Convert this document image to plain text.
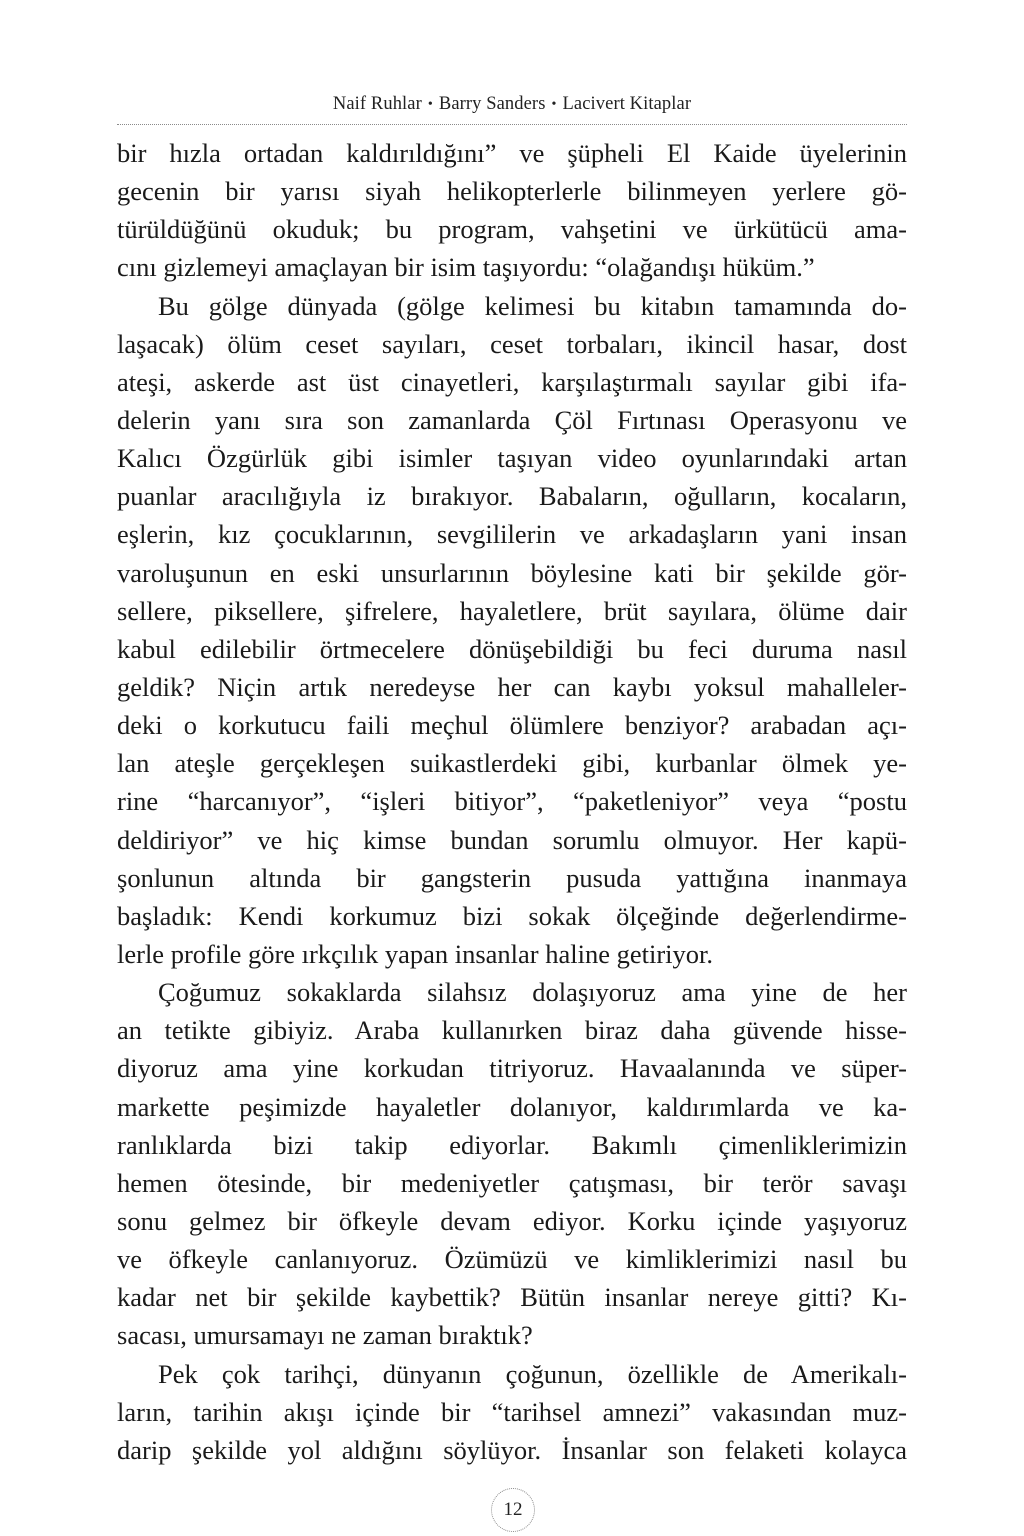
Naif Ruhlar • Barry Sanders • Lacivert Kitaplar
bir hızla ortadan kaldırıldığını” ve şüpheli El Kaide üyelerinin
gecenin bir yarısı siyah helikopterlerle bilinmeyen yerlere gö-
türüldüğünü okuduk; bu program, vahşetini ve ürkütücü ama-
cını gizlemeyi amaçlayan bir isim taşıyordu: “olağandışı hüküm.”
Bu gölge dünyada (gölge kelimesi bu kitabın tamamında do-
laşacak) ölüm ceset sayıları, ceset torbaları, ikincil hasar, dost
ateşi, askerde ast üst cinayetleri, karşılaştırmalı sayılar gibi ifa-
delerin yanı sıra son zamanlarda Çöl Fırtınası Operasyonu ve
Kalıcı Özgürlük gibi isimler taşıyan video oyunlarındaki artan
puanlar aracılığıyla iz bırakıyor. Babaların, oğulların, kocaların,
eşlerin, kız çocuklarının, sevgililerin ve arkadaşların yani insan
varoluşunun en eski unsurlarının böylesine kati bir şekilde gör-
sellere, piksellere, şifrelere, hayaletlere, brüt sayılara, ölüme dair
kabul edilebilir örtmecelere dönüşebildiği bu feci duruma nasıl
geldik? Niçin artık neredeyse her can kaybı yoksul mahalleler-
deki o korkutucu faili meçhul ölümlere benziyor? arabadan açı-
lan ateşle gerçekleşen suikastlerdeki gibi, kurbanlar ölmek ye-
rine “harcanıyor”, “işleri bitiyor”, “paketleniyor” veya “postu
deldiriyor” ve hiç kimse bundan sorumlu olmuyor. Her kapü-
şonlunun altında bir gangsterin pusuda yattığına inanmaya
başladık: Kendi korkumuz bizi sokak ölçeğinde değerlendirme-
lerle profile göre ırkçılık yapan insanlar haline getiriyor.
Çoğumuz sokaklarda silahsız dolaşıyoruz ama yine de her
an tetikte gibiyiz. Araba kullanırken biraz daha güvende hisse-
diyoruz ama yine korkudan titriyoruz. Havaalanında ve süper-
markette peşimizde hayaletler dolanıyor, kaldırımlarda ve ka-
ranlıklarda bizi takip ediyorlar. Bakımlı çimenliklerimizin
hemen ötesinde, bir medeniyetler çatışması, bir terör savaşı
sonu gelmez bir öfkeyle devam ediyor. Korku içinde yaşıyoruz
ve öfkeyle canlanıyoruz. Özümüzü ve kimliklerimizi nasıl bu
kadar net bir şekilde kaybettik? Bütün insanlar nereye gitti? Kı-
sacası, umursamayı ne zaman bıraktık?
Pek çok tarihçi, dünyanın çoğunun, özellikle de Amerikalı-
ların, tarihin akışı içinde bir “tarihsel amnezi” vakasından muz-
darip şekilde yol aldığını söylüyor. İnsanlar son felaketi kolayca
12
